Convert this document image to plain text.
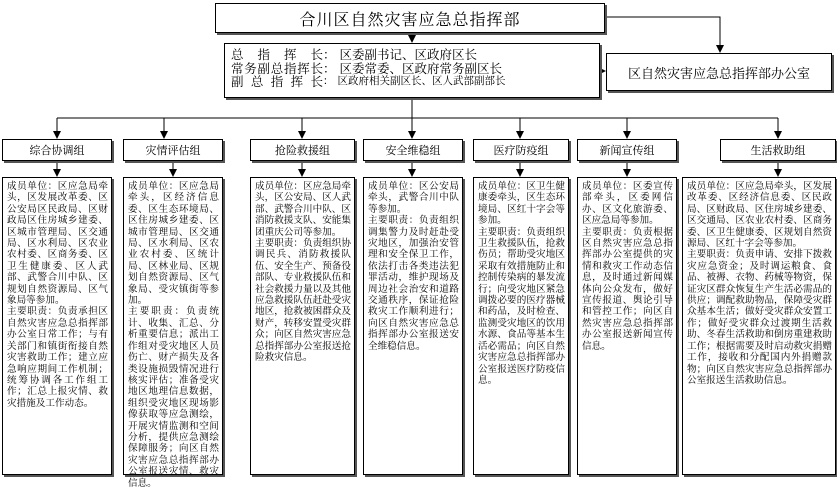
合川区自然灾害应急总指挥部
总 指 挥 长 ： 区委副书记、区政府区长
常务副总指挥长 ： 区委常委、区政府常务副区长
副 总 指 挥 长 ： 区政府相关副区长、区人武部副部长	区自然灾害应急总指挥部办公室
综合协调组	灾情评估组	抢险救援组	安全维稳组	医疗防疫组	新闻宣传组	生活救助组

成员单位：区应急局牵头，区发展改革委、区公安局区民政局、区财政局区住房城乡建委、区城市管理局、区交通局、区水利局、区农业农村委、区商务委、区卫生健康委、区人武部、武警合川中队、区规划自然资源局、区气象局等参加。

主要职责：负责承担区自然灾害应急总指挥部办公室日常工作；与有关部门和镇街衔接自然灾害救助工作；建立应急响应期间工作机制；统筹协调各工作组工作；汇总上报灾情、救灾措施及工作动态。

成员单位：区应急局牵头，区经济信息委、区生态环境局、区住房城乡建委、区城市管理局、区交通局、区水利局、区农业农村委、区统计局、区林业局、区规划自然资源局、区气象局、受灾镇街等参加。

主要职责：负责统计、收集、汇总、分析重要信息；派出工作组对受灾地区人员伤亡、财产损失及各类设施损毁情况进行核实评估；准备受灾地区地理信息数据，组织受灾地区现场影像获取等应急测绘，开展灾情监测和空间分析，提供应急测绘保障服务；向区自然灾害应急总指挥部办公室报送灾情、救灾信息。

成员单位：区应急局牵头，区公安局、区人武部、武警合川中队、区消防救援支队、安能集团重庆公司等参加。

主要职责：负责组织协调民兵、消防救援队伍、安全生产、预备役部队、专业救援队伍和社会救援力量以及其他应急救援队伍赶赴受灾地区，抢救被困群众及财产，转移安置受灾群众；向区自然灾害应急总指挥部办公室报送抢险救灾信息。

成员单位：区公安局牵头，武警合川中队等参加。

主要职责：负责组织调集警力及时赶赴受灾地区，加强治安管理和安全保卫工作，依法打击各类违法犯罪活动，维护现场及周边社会治安和道路交通秩序，保证抢险救灾工作顺利进行；向区自然灾害应急总指挥部办公室报送安全维稳信息。

成员单位：区卫生健康委牵头，区生态环境局、区红十字会等参加。

主要职责：负责组织卫生救援队伍，抢救伤员；帮助受灾地区采取有效措施防止和控制传染病的暴发流行；向受灾地区紧急调拨必要的医疗器械和药品，及时检查、监测受灾地区的饮用水源、食品等基本生活必需品；向区自然灾害应急总指挥部办公室报送医疗防疫信息。

成员单位：区委宣传部牵头，区委网信办、区文化旅游委、区应急局等参加。

主要职责：负责根据区自然灾害应急总指挥部办公室提供的灾情和救灾工作动态信息，及时通过新闻媒体向公众发布，做好宣传报道、舆论引导和管控工作；向区自然灾害应急总指挥部办公室报送新闻宣传信息。

成员单位：区应急局牵头，区发展改革委、区经济信息委、区民政局、区财政局、区住房城乡建委、区交通局、区农业农村委、区商务委、区卫生健康委、区规划自然资源局、区红十字会等参加。

主要职责：负责申请、安排下拨救灾应急资金；及时调运粮食、食品、被褥、衣物、药械等物资，保证灾区群众恢复生产生活必需品的供应；调配救助物品，保障受灾群众基本生活；做好受灾群众安置工作；做好受灾群众过渡期生活救助、冬春生活救助和倒房重建救助工作；根据需要及时启动救灾捐赠工作，接收和分配国内外捐赠款物；向区自然灾害应急总指挥部办公室报送生活救助信息。
